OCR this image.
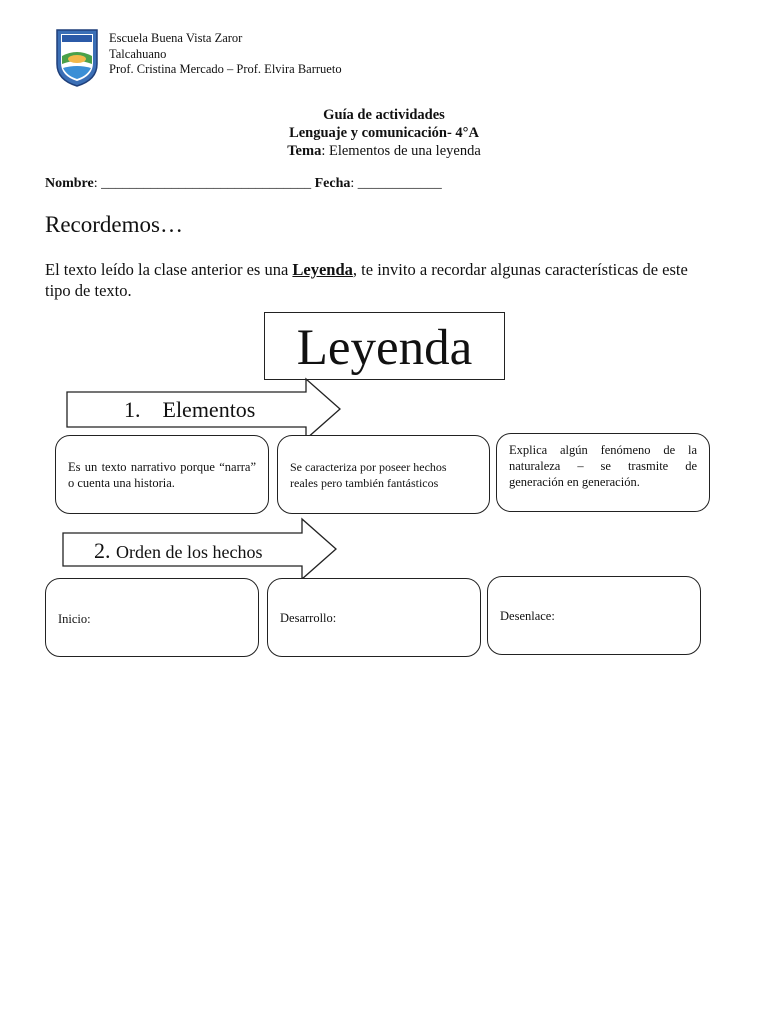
Escuela Buena Vista Zaror
Talcahuano
Prof. Cristina Mercado – Prof. Elvira Barrueto
Guía de actividades
Lenguaje y comunicación- 4°A
Tema: Elementos de una leyenda
Nombre: ______________________________ Fecha: ____________
Recordemos…
El texto leído la clase anterior es una Leyenda, te invito a recordar algunas características de este tipo de texto.
Leyenda
1. Elementos
2. Orden de los hechos
Es un texto narrativo porque “narra” o cuenta una historia.
Se caracteriza por poseer hechos reales pero también fantásticos
Explica algún fenómeno de la naturaleza – se trasmite de generación en generación.
Inicio:	Desarrollo:	Desenlace:
